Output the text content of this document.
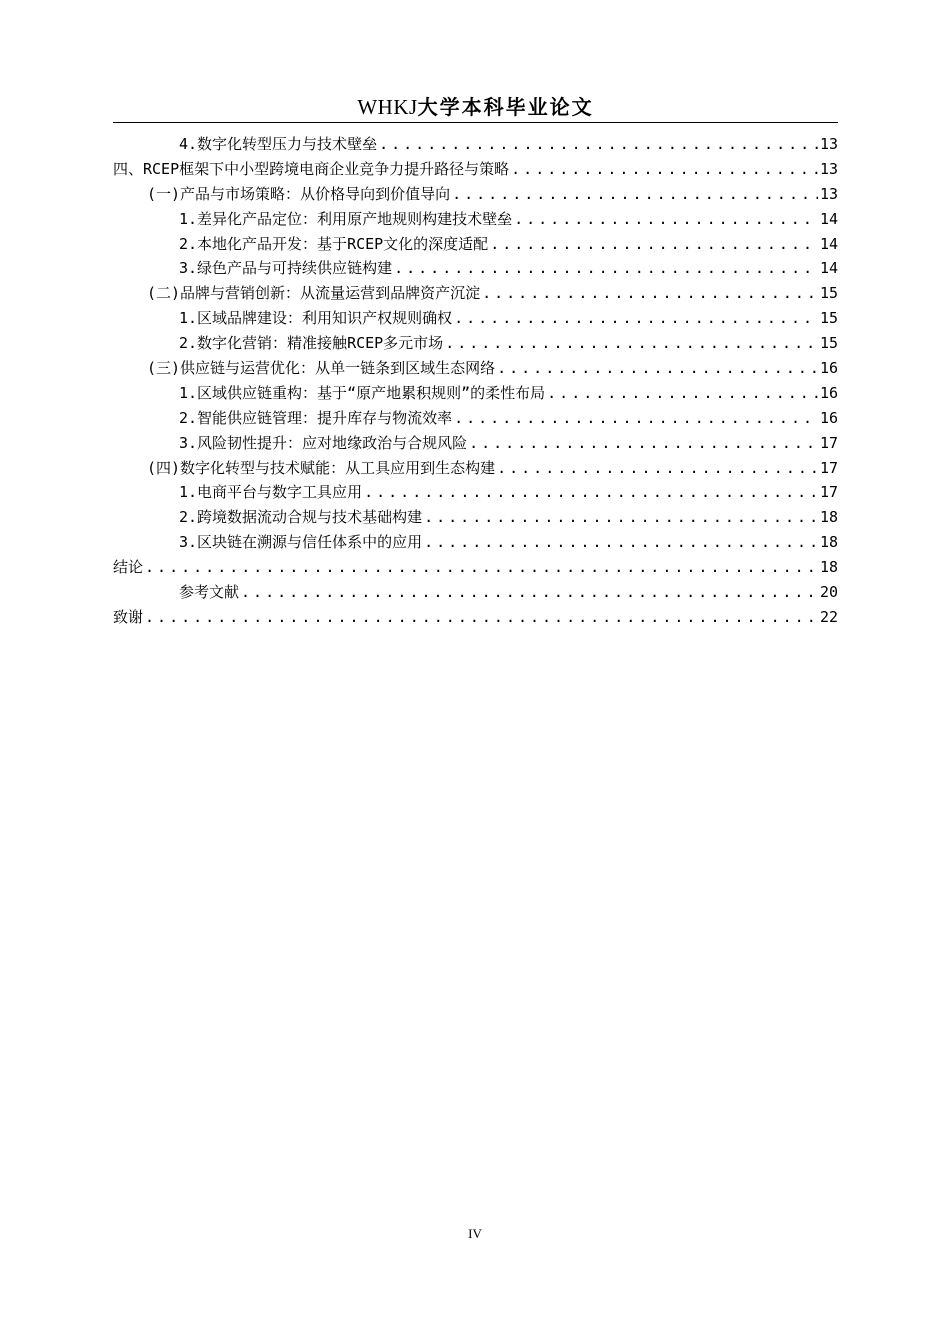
WHKJ大学本科毕业论文
4.数字化转型压力与技术壁垒 .....	13
四、RCEP框架下中小型跨境电商企业竞争力提升路径与策略 .....	13
(一)产品与市场策略：从价格导向到价值导向 .....	13
1.差异化产品定位：利用原产地规则构建技术壁垒 .....	14
2.本地化产品开发：基于RCEP文化的深度适配 .....	14
3.绿色产品与可持续供应链构建 .....	14
(二)品牌与营销创新：从流量运营到品牌资产沉淀 .....	15
1.区域品牌建设：利用知识产权规则确权 .....	15
2.数字化营销：精准接触RCEP多元市场 .....	15
(三)供应链与运营优化：从单一链条到区域生态网络 .....	16
1.区域供应链重构：基于“原产地累积规则”的柔性布局 .....	16
2.智能供应链管理：提升库存与物流效率 .....	16
3.风险韧性提升：应对地缘政治与合规风险 .....	17
(四)数字化转型与技术赋能：从工具应用到生态构建 .....	17
1.电商平台与数字工具应用 .....	17
2.跨境数据流动合规与技术基础构建 .....	18
3.区块链在溯源与信任体系中的应用 .....	18
结论 .....	18
参考文献 .....	20
致谢 .....	22
IV
